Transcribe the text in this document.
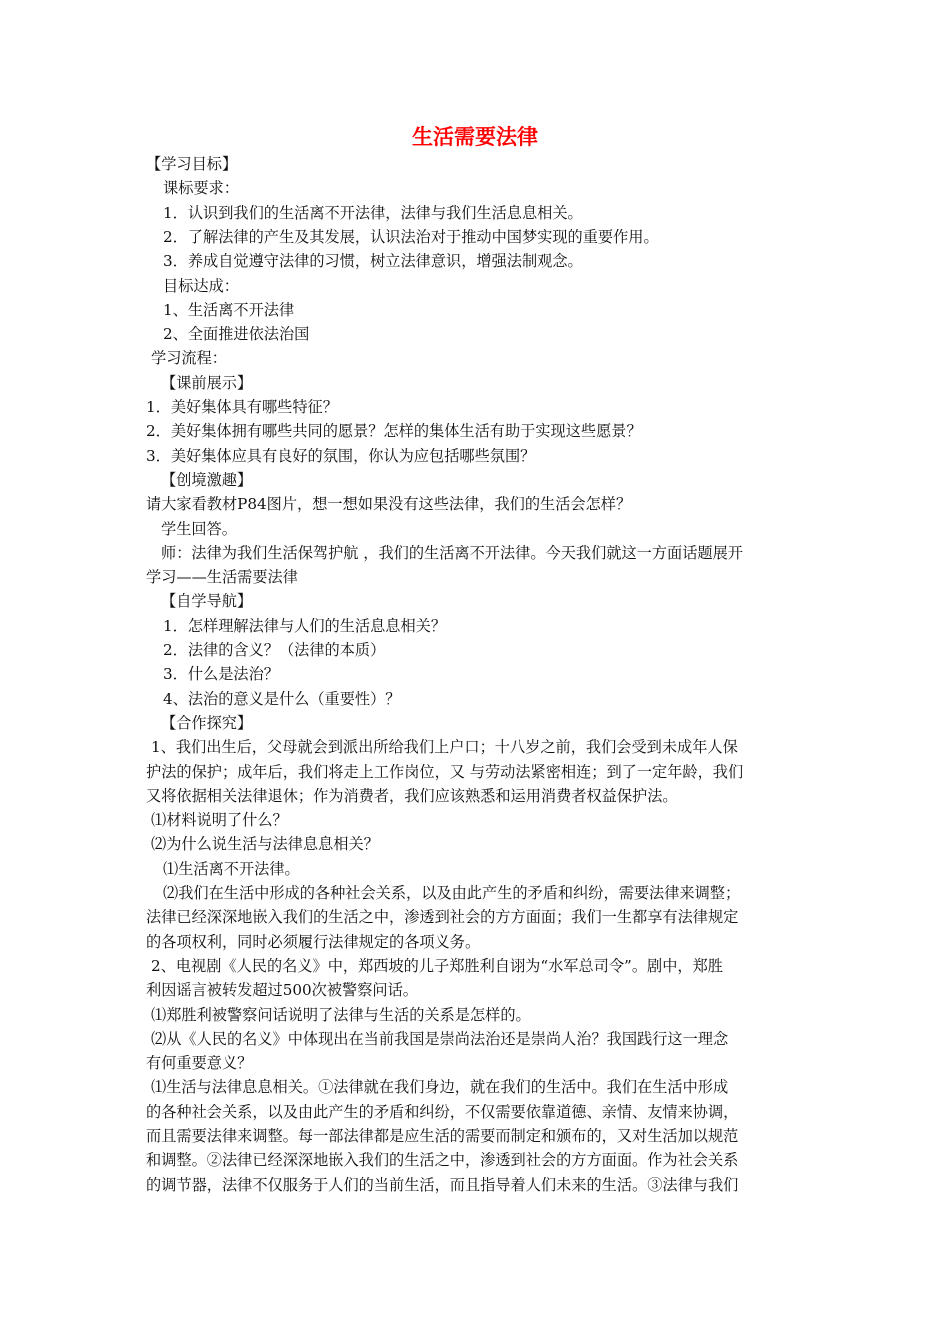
生活需要法律
【学习目标】
课标要求：
1．认识到我们的生活离不开法律，法律与我们生活息息相关。
2．了解法律的产生及其发展，认识法治对于推动中国梦实现的重要作用。
3．养成自觉遵守法律的习惯，树立法律意识，增强法制观念。
目标达成：
1、生活离不开法律
2、全面推进依法治国
学习流程：
【课前展示】
1．美好集体具有哪些特征？
2．美好集体拥有哪些共同的愿景？怎样的集体生活有助于实现这些愿景？
3．美好集体应具有良好的氛围，你认为应包括哪些氛围？
【创境激趣】
请大家看教材P84图片，想一想如果没有这些法律，我们的生活会怎样？
学生回答。
师：法律为我们生活保驾护航 ，我们的生活离不开法律。今天我们就这一方面话题展开
学习——生活需要法律
【自学导航】
1．怎样理解法律与人们的生活息息相关？
2．法律的含义？（法律的本质）
3．什么是法治？
4、法治的意义是什么（重要性）？
【合作探究】
1、我们出生后，父母就会到派出所给我们上户口；十八岁之前，我们会受到未成年人保
护法的保护；成年后，我们将走上工作岗位，又 与劳动法紧密相连；到了一定年龄，我们
又将依据相关法律退休；作为消费者，我们应该熟悉和运用消费者权益保护法。
⑴材料说明了什么？
⑵为什么说生活与法律息息相关？
⑴生活离不开法律。
⑵我们在生活中形成的各种社会关系，以及由此产生的矛盾和纠纷，需要法律来调整；
法律已经深深地嵌入我们的生活之中，渗透到社会的方方面面；我们一生都享有法律规定
的各项权利，同时必须履行法律规定的各项义务。
2、电视剧《人民的名义》中，郑西坡的儿子郑胜利自诩为“水军总司令”。剧中，郑胜
利因谣言被转发超过500次被警察问话。
⑴郑胜利被警察问话说明了法律与生活的关系是怎样的。
⑵从《人民的名义》中体现出在当前我国是崇尚法治还是崇尚人治？我国践行这一理念
有何重要意义？
⑴生活与法律息息相关。①法律就在我们身边，就在我们的生活中。我们在生活中形成
的各种社会关系，以及由此产生的矛盾和纠纷，不仅需要依靠道德、亲情、友情来协调，
而且需要法律来调整。每一部法律都是应生活的需要而制定和颁布的，又对生活加以规范
和调整。②法律已经深深地嵌入我们的生活之中，渗透到社会的方方面面。作为社会关系
的调节器，法律不仅服务于人们的当前生活，而且指导着人们未来的生活。③法律与我们
